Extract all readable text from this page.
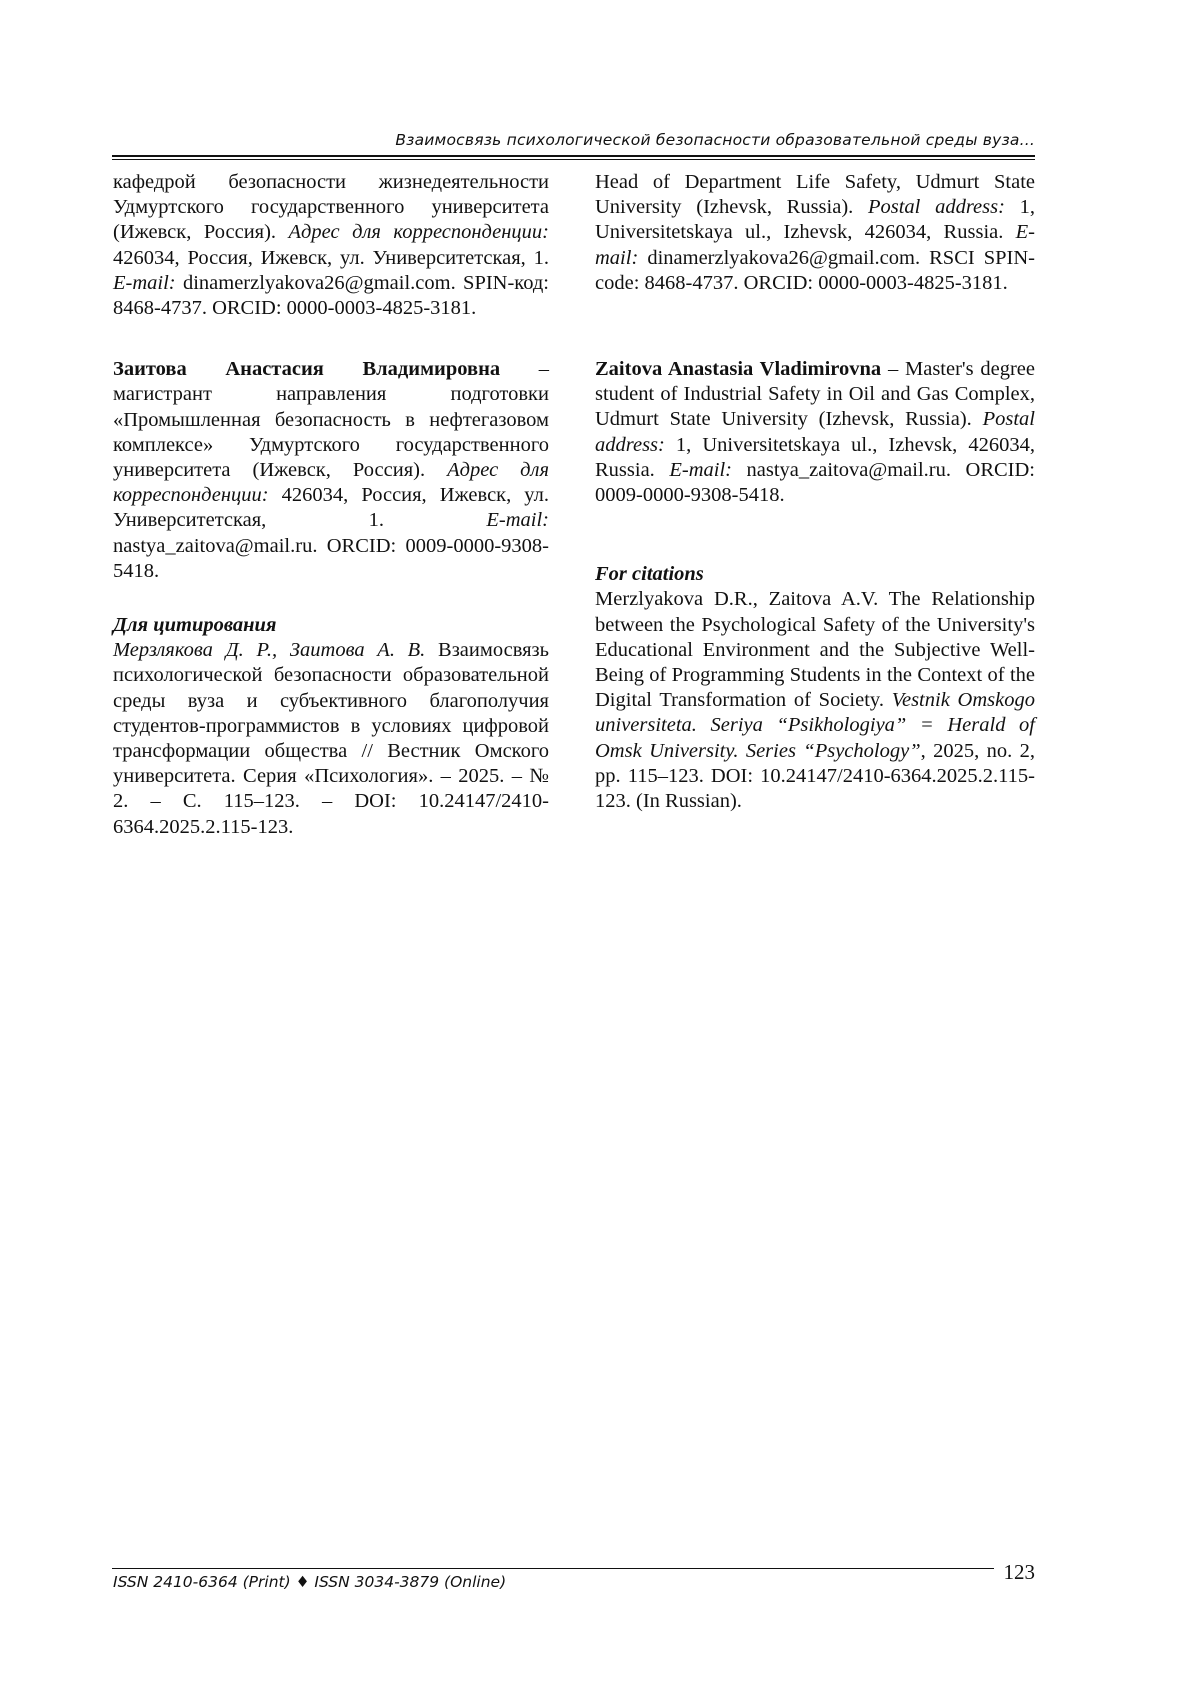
Взаимосвязь психологической безопасности образовательной среды вуза...

кафедрой безопасности жизнедеятельности Удмуртского государственного университета (Ижевск, Россия). Адрес для корреспонденции: 426034, Россия, Ижевск, ул. Университетская, 1. E-mail: dinamerzlyakova26@gmail.com. SPIN-код: 8468-4737. ORCID: 0000-0003-4825-3181.

Заитова Анастасия Владимировна – магистрант направления подготовки «Промышленная безопасность в нефтегазовом комплексе» Удмуртского государственного университета (Ижевск, Россия). Адрес для корреспонденции: 426034, Россия, Ижевск, ул. Университетская, 1.	E-mail: nastya_zaitova@mail.ru. ORCID: 0009-0000-9308-5418.

Для цитирования

Мерзлякова Д. Р., Заитова А. В. Взаимосвязь психологической безопасности образовательной среды вуза и субъективного благополучия студентов-программистов в условиях цифровой трансформации общества // Вестник Омского университета. Серия «Психология». – 2025. – № 2. – С. 115–123. – DOI: 10.24147/2410-6364.2025.2.115-123.

Head of Department Life Safety, Udmurt State University (Izhevsk, Russia). Postal address: 1, Universitetskaya ul., Izhevsk, 426034, Russia. E-mail: dinamerzlyakova26@gmail.com. RSCI SPIN-code: 8468-4737. ORCID: 0000-0003-4825-3181.

Zaitova Anastasia Vladimirovna – Master's degree student of Industrial Safety in Oil and Gas Complex, Udmurt State University (Izhevsk, Russia). Postal address: 1, Universitetskaya ul., Izhevsk, 426034, Russia. E-mail: nastya_zaitova@mail.ru. ORCID: 0009-0000-9308-5418.

For citations

Merzlyakova D.R., Zaitova A.V. The Relationship between the Psychological Safety of the University's Educational Environment and the Subjective Well-Being of Programming Students in the Context of the Digital Transformation of Society. Vestnik Omskogo universiteta. Seriya “Psikhologiya” = Herald of Omsk University. Series “Psychology”, 2025, no. 2, pp. 115–123. DOI: 10.24147/2410-6364.2025.2.115-123. (In Russian).

ISSN 2410-6364 (Print) ♦ ISSN 3034-3879 (Online)	123
